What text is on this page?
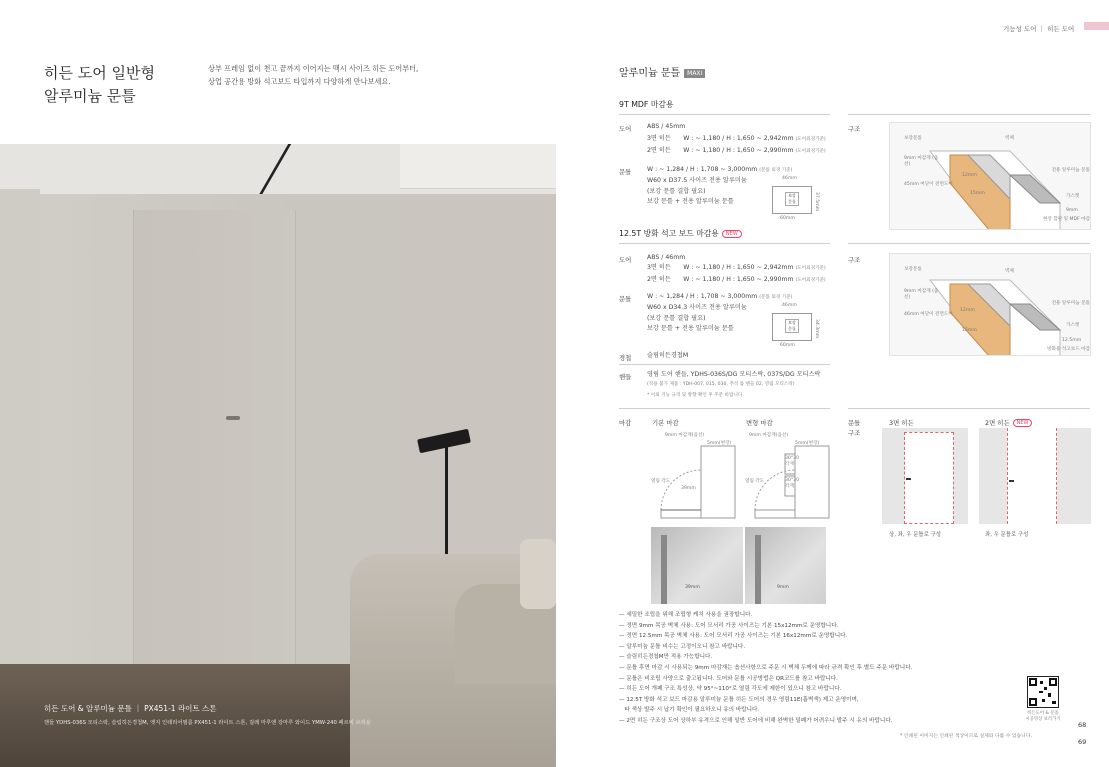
히든 도어 일반형
알루미늄 문틀
상부 프레임 없이 천고 끝까지 이어지는 맥시 사이즈 히든 도어부터,
상업 공간용 방화 석고보드 타입까지 다양하게 만나보세요.
히든 도어 & 알루미늄 문틀 ｜ PX451-1 라이트 스톤
핸들 YDHS-036S 모티스락, 슬림히든경첩M, 엣지 인테리어필름 PX451-1 라이트 스톤, 걸레 마루엔 강마루 와이드 YMW-240 페르비 브라운
기능성 도어 ｜ 히든 도어
알루미늄 문틀 MAXI
9T MDF 마감용
도어	ABS / 45mm
3면 히든　　W : ~ 1,180 / H : 1,650 ~ 2,942mm (도어외경기준)
2면 히든　　W : ~ 1,180 / H : 1,650 ~ 2,990mm (도어외경기준)
문틀	W : ~ 1,284 / H : 1,708 ~ 3,000mm (문틀 외경 기준)
W60 x D37.5 사이즈 전용 알루미늄
(보강 문틀 결합 필요)
보강 문틀 + 전용 알루미늄 문틀
46mm
보강 문틀	37.5mm
60mm
구조
보강문틀	벽체
9mm 마감재 (옵션)
12mm
전용 알루미늄 문틀
45mm 여닫이 전면도어
15mm
가스켓
9mm
현장 합판 및 MDF 마감
12.5T 방화 석고 보드 마감용 NEW
도어	ABS / 46mm
3면 히든　　W : ~ 1,180 / H : 1,650 ~ 2,942mm (도어외경기준)
2면 히든　　W : ~ 1,180 / H : 1,650 ~ 2,990mm (도어외경기준)
문틀	W : ~ 1,284 / H : 1,708 ~ 3,000mm (문틀 외경 기준)
W60 x D34.3 사이즈 전용 알루미늄
(보강 문틀 결합 필요)
보강 문틀 + 전용 알루미늄 문틀
46mm
보강 문틀	34.3mm
60mm
구조
보강문틀	벽체
9mm 마감재 (옵션)
12mm
전용 알루미늄 문틀
46mm 여닫이 전면도어
15mm
가스켓
12.5mm
방화용 석고보드 마감
경첩	슬림히든경첩M
핸들	영림 도어 핸들, YDHS-036S/DG 모티스락, 037S/DG 모티스락
(적용 불가 제품 : YDH-007, 015, 030, 추석 롤 핸들 02, 영림 모티스락)
* 이외 기능 규격 및 방향 확인 후 주문 바랍니다.
마감	기본 마감	변형 마감
9mm 마감재(옵션)
5mm(현장)
열림 각도
39mm
9mm 마감재(옵션)
5mm(현장)
30°30 각재
30°30 각재
열림 각도
39mm	9mm
문틀
구조
3면 히든	2면 히든 NEW
상, 좌, 우 문틀로 구성	좌, 우 문틀로 구성
— 세밀한 조립을 위해 조립형 케치 사용을 권장합니다.
— 정면 9mm 목공 벽체 사용: 도어 모서리 가공 사이즈는 기본 15x12mm로 운영합니다.
— 정면 12.5mm 목공 벽체 사용: 도어 모서리 가공 사이즈는 기본 16x12mm로 운영합니다.
— 알루미늄 문틀 비수는 고정이오니 참고 바랍니다.
— 슬림히든경첩M만 적용 가능합니다.
— 문틀 후면 마감 시 사용되는 9mm 마감재는 옵션사항으로 주문 시 벽체 두께에 따라 규격 확인 후 별도 주문 바랍니다.
— 문틀은 비조립 사양으로 출고됩니다. 도어와 문틀 시공방법은 QR코드를 참고 바랍니다.
— 히든 도어 개폐 구조 특성상, 약 95°~110°로 열림 각도에 제한이 있으니 참고 바랍니다.
— 12.5T 방화 석고 보드 마감용 알루미늄 문틀 히든 도어의 경우 영림11E(흡벽색) 제고 운영이며,
타 색상 발주 시 납기 확인이 필요하오니 유의 바랍니다.
— 2면 히든 구조상 도어 상하부 유격으로 인해 일반 도어에 비해 완벽한 밀폐가 어려우니 발주 시 유의 바랍니다.
히든도어 & 문틀
시공영상 보러가기
* 인쇄된 이미지는 인쇄된 색상이므로 실제와 다를 수 있습니다.
68
69
